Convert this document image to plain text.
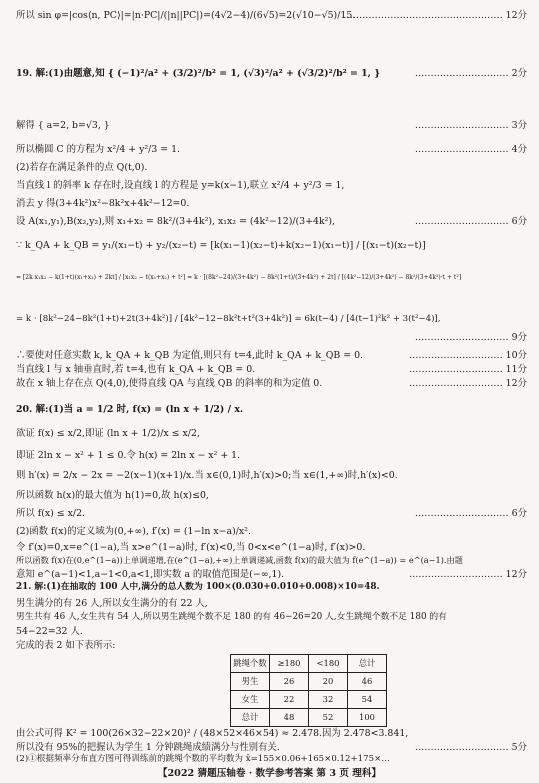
所以 sin φ=|cos⟨n, PC⟩|=|n·PC|/(|n||PC|)=(4√2−4)/(6√5)=2(√10−√5)/15.
…………………………………………… 12分
19. 解:(1)由题意,知 { (−1)²/a² + (3/2)²/b² = 1, (√3)²/a² + (√3/2)²/b² = 1, }	………………………… 2分
解得 { a=2, b=√3, }	………………………… 3分
所以椭圆 C 的方程为 x²/4 + y²/3 = 1.	………………………… 4分
(2)若存在满足条件的点 Q(t,0).
当直线 l 的斜率 k 存在时,设直线 l 的方程是 y=k(x−1),联立 x²/4 + y²/3 = 1,
消去 y 得(3+4k²)x²−8k²x+4k²−12=0.
设 A(x₁,y₁),B(x₂,y₂),则 x₁+x₂ = 8k²/(3+4k²), x₁x₂ = (4k²−12)/(3+4k²),	………………………… 6分
∵ k_QA + k_QB = y₁/(x₁−t) + y₂/(x₂−t) = [k(x₁−1)(x₂−t)+k(x₂−1)(x₁−t)] / [(x₁−t)(x₂−t)]
= [2k x₁x₂ − k(1+t)(x₁+x₂) + 2kt] / [x₁x₂ − t(x₁+x₂) + t²] = k · [(8k²−24)/(3+4k²) − 8k²(1+t)/(3+4k²) + 2t] / [(4k²−12)/(3+4k²) − 8k²/(3+4k²)·t + t²]
= k · [8k²−24−8k²(1+t)+2t(3+4k²)] / [4k²−12−8k²t+t²(3+4k²)] = 6k(t−4) / [4(t−1)²k² + 3(t²−4)],
………………………… 9分
∴要使对任意实数 k, k_QA + k_QB 为定值,则只有 t=4,此时 k_QA + k_QB = 0.	………………………… 10分
当直线 l 与 x 轴垂直时,若 t=4,也有 k_QA + k_QB = 0.	………………………… 11分
故在 x 轴上存在点 Q(4,0),使得直线 QA 与直线 QB 的斜率的和为定值 0.	………………………… 12分
20. 解:(1)当 a = 1/2 时, f(x) = (ln x + 1/2) / x.
欲证 f(x) ≤ x/2,即证 (ln x + 1/2)/x ≤ x/2,
即证 2ln x − x² + 1 ≤ 0.令 h(x) = 2ln x − x² + 1.
则 h′(x) = 2/x − 2x = −2(x−1)(x+1)/x.当 x∈(0,1)时,h′(x)>0;当 x∈(1,+∞)时,h′(x)<0.
所以函数 h(x)的最大值为 h(1)=0,故 h(x)≤0,
所以 f(x) ≤ x/2.	………………………… 6分
(2)函数 f(x)的定义域为(0,+∞), f′(x) = (1−ln x−a)/x².
令 f′(x)=0,x=e^(1−a),当 x>e^(1−a)时, f′(x)<0,当 0<x<e^(1−a)时, f′(x)>0.
所以函数 f(x)在(0,e^(1−a))上单调递增,在(e^(1−a),+∞)上单调递减,函数 f(x)的最大值为 f(e^(1−a)) = e^(a−1).由题
意知 e^(a−1)<1,a−1<0,a<1,即实数 a 的取值范围是(−∞,1).	………………………… 12分
21. 解:(1)在抽取的 100 人中,满分的总人数为 100×(0.030+0.010+0.008)×10=48.
男生满分的有 26 人,所以女生满分的有 22 人,
男生共有 46 人,女生共有 54 人,所以男生跳绳个数不足 180 的有 46−26=20 人,女生跳绳个数不足 180 的有
54−22=32 人.
完成的表 2 如下表所示:
跳绳个数	≥180	<180	总计
男生	26	20	46
女生	22	32	54
总计	48	52	100
由公式可得 K² = 100(26×32−22×20)² / (48×52×46×54) ≈ 2.478.因为 2.478<3.841,
所以没有 95%的把握认为学生 1 分钟跳绳成绩满分与性别有关.	………………………… 5分
(2)①根据频率分布直方图可得训练前的跳绳个数的平均数为 x̄=155×0.06+165×0.12+175×…
【2022 猜题压轴卷 · 数学参考答案 第 3 页 理科】
